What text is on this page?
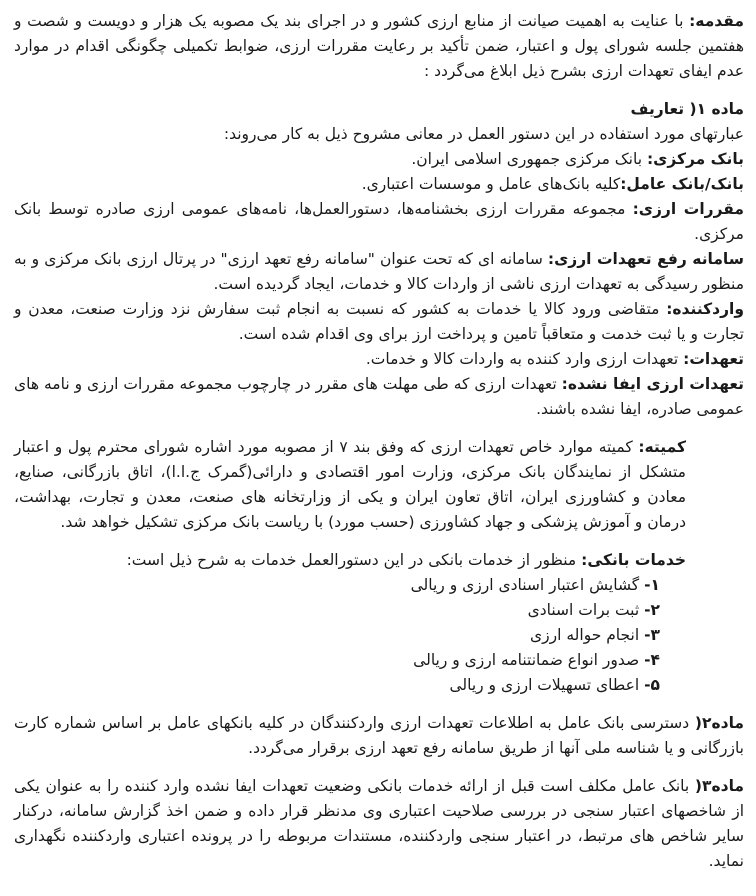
مقدمه: با عنایت به اهمیت صیانت از منابع ارزی کشور و در اجرای بند یک مصوبه یک هزار و دویست و شصت و هفتمین جلسه شورای پول و اعتبار، ضمن تأکید بر رعایت مقررات ارزی، ضوابط تکمیلی چگونگی اقدام در موارد عدم ایفای تعهدات ارزی بشرح ذیل ابلاغ می‌گردد :

ماده ۱) تعاریف

عبارتهای مورد استفاده در این دستور العمل در معانی مشروح ذیل به کار می‌روند:

بانک مرکزی: بانک مرکزی جمهوری اسلامی ایران.

بانک/بانک عامل:کلیه بانک‌های عامل و موسسات اعتباری.

مقررات ارزی: مجموعه مقررات ارزی بخشنامه‌ها، دستورالعمل‌ها، نامه‌های عمومی ارزی صادره توسط بانک مرکزی.

سامانه رفع تعهدات ارزی: سامانه ای که تحت عنوان "سامانه رفع تعهد ارزی" در پرتال ارزی بانک مرکزی و به منظور رسیدگی به تعهدات ارزی ناشی از واردات کالا و خدمات، ایجاد گردیده است.

واردکننده: متقاضی ورود کالا یا خدمات به کشور که نسبت به انجام ثبت سفارش نزد وزارت صنعت، معدن و تجارت و یا ثبت خدمت و متعاقباً تامین و پرداخت ارز برای وی اقدام شده است.

تعهدات: تعهدات ارزی وارد کننده به واردات کالا و خدمات.

تعهدات ارزی ایفا نشده: تعهدات ارزی که طی مهلت های مقرر در چارچوب مجموعه مقررات ارزی و نامه های عمومی صادره، ایفا نشده باشند.

کمیته: کمیته موارد خاص تعهدات ارزی که وفق بند ۷ از مصوبه مورد اشاره شورای محترم پول و اعتبار متشکل از نمایندگان بانک مرکزی، وزارت امور اقتصادی و دارائی(گمرک ج.ا.ا)، اتاق بازرگانی، صنایع، معادن و کشاورزی ایران، اتاق تعاون ایران و یکی از وزارتخانه های صنعت، معدن و تجارت، بهداشت، درمان و آموزش پزشکی و جهاد کشاورزی (حسب مورد) با ریاست بانک مرکزی تشکیل خواهد شد.

خدمات بانکی: منظور از خدمات بانکی در این دستورالعمل خدمات به شرح ذیل است:

۱- گشایش اعتبار اسنادی ارزی و ریالی

۲- ثبت برات اسنادی

۳- انجام حواله ارزی

۴- صدور انواع ضمانتنامه ارزی و ریالی

۵- اعطای تسهیلات ارزی و ریالی

ماده۲) دسترسی بانک عامل به اطلاعات تعهدات ارزی واردکنندگان در کلیه بانکهای عامل بر اساس شماره کارت بازرگانی و یا شناسه ملی آنها از طریق سامانه رفع تعهد ارزی برقرار می‌گردد.

ماده۳) بانک عامل مکلف است قبل از ارائه خدمات بانکی وضعیت تعهدات ایفا نشده وارد کننده را به عنوان یکی از شاخصهای اعتبار سنجی در بررسی صلاحیت اعتباری وی مدنظر قرار داده و ضمن اخذ گزارش سامانه، درکنار سایر شاخص های مرتبط، در اعتبار سنجی واردکننده، مستندات مربوطه را در پرونده اعتباری واردکننده نگهداری نماید.
